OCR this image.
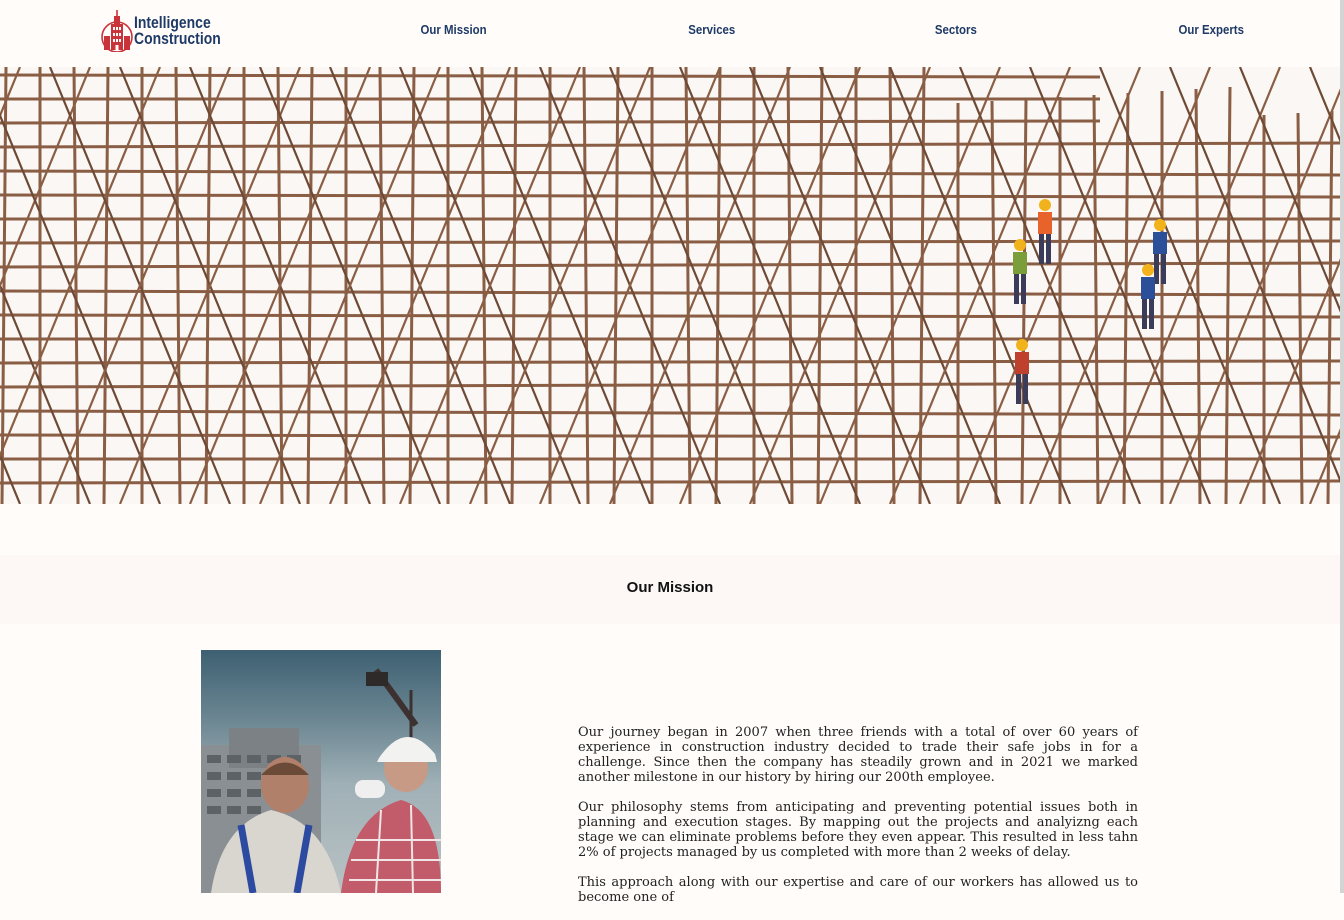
Intelligence
Construction	Our Mission	Services	Sectors	Our Experts
Our Mission

Our journey began in 2007 when three friends with a total of over 60 years of experience in construction industry decided to trade their safe jobs in for a challenge. Since then the company has steadily grown and in 2021 we marked another milestone in our history by hiring our 200th employee.

Our philosophy stems from anticipating and preventing potential issues both in planning and execution stages. By mapping out the projects and analyizng each stage we can eliminate problems before they even appear. This resulted in less tahn 2% of projects managed by us completed with more than 2 weeks of delay.

This approach along with our expertise and care of our workers has allowed us to become one of
